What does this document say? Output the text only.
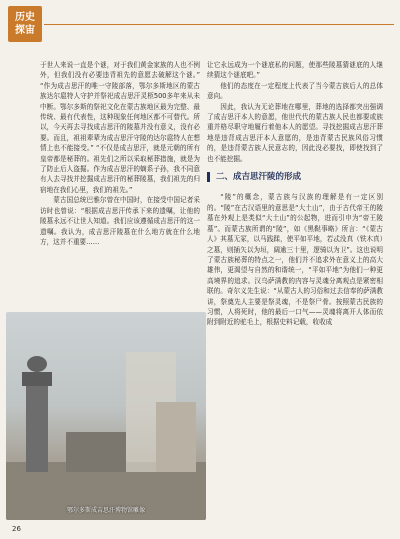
历史
探宙

于世人来说一直是个谜，对于我们黄金家族的人也不例外，但我们没有必要违背祖先的意愿去破解这个谜。” “作为成吉思汗的唯一守陵部落，鄂尔多斯地区的蒙古族达尔扈特人守护并祭祀成吉思汗灵柩500多年来从未中断。鄂尔多斯的祭祀文化在蒙古族地区最为完整、最传统、最有代表性，这种现象任何地区都不可替代。所以，今天再去寻找成吉思汗的陵墓并没有意义，没有必要。而且，祖祖辈辈为成吉思汗守陵的达尔扈特人在想情上也不能接受。” “不仅是成吉思汗，就是元朝的所有皇帝都是秘葬的。祖先们之所以采取秘葬措施，就是为了防止后人盗掘。作为成吉思汗的嫡系子孙，我不同意有人去寻找并挖掘成吉思汗的秘葬陵墓，我们祖先的归宿地在我们心里，我们的祖先。”

蒙古国总统巴雅尔曾在中国时，在接受中国记者采访时也曾说：“根据成吉思汗传承下来的遗嘱，让他的陵墓永远不让世人知道。我们应该遵循成吉思汗的这一遗嘱。我认为，成吉思汗陵墓在什么地方就在什么地方，这并不重要……

让它永远成为一个谜底私的问题，使那些陵墓猜谜底的人继续猜这个谜底吧。”

他们的态度在一定程度上代表了当今蒙古族后人的总体意向。

因此，我认为无论葬地在哪里，葬地的选择都突出强调了成吉思汗本人的意愿，他世代代的蒙古族人民也都要或族重并格尽职守地履行着他本人的愿望。寻找挖掘成吉思汗葬地是违背成吉思汗本人意愿的，是违背蒙古民族风俗习惯的，是违背蒙古族人民意志的，因此没必要找，即使找到了也不能挖掘。

二、成吉思汗陵的形成

“陵”的概念，蒙古族与汉族的理解是有一定区别的。“陵”在古汉语里的意思是“大土山”，由于古代帝王的陵墓在外观上是类似“大土山”的公起物，进而引申为“帝王陵墓”。而蒙古族所谓的“陵”，如《黑鞑事略》所言：“《蒙古人》其墓无冢，以马践蹂，使平如平地，若忒没真（铁木真）之墓，则插矢以为垣，阔逾三十里，逻骑以为卫”。这也说明了蒙古族秘葬的特点之一，他们并不追求外在意义上的高大雄伟，更渴望与自然的和谐统一，“平如平地”为他们一种更高境界的追求。汉乌萨满教的内容与灵魂分离观点是紧密相联的。奇尔义先生说：“从蒙古人的习俗和过去信奉的萨满教讲，祭奠先人主要是祭灵魂，不是祭尸骨。按照蒙古民族的习惯，人将死时，他的最后一口气——灵魂将离开人体而依附到附近的驼毛上，根据史料记载，收收成

鄂尔多斯成吉思汗博物馆雕像
26
